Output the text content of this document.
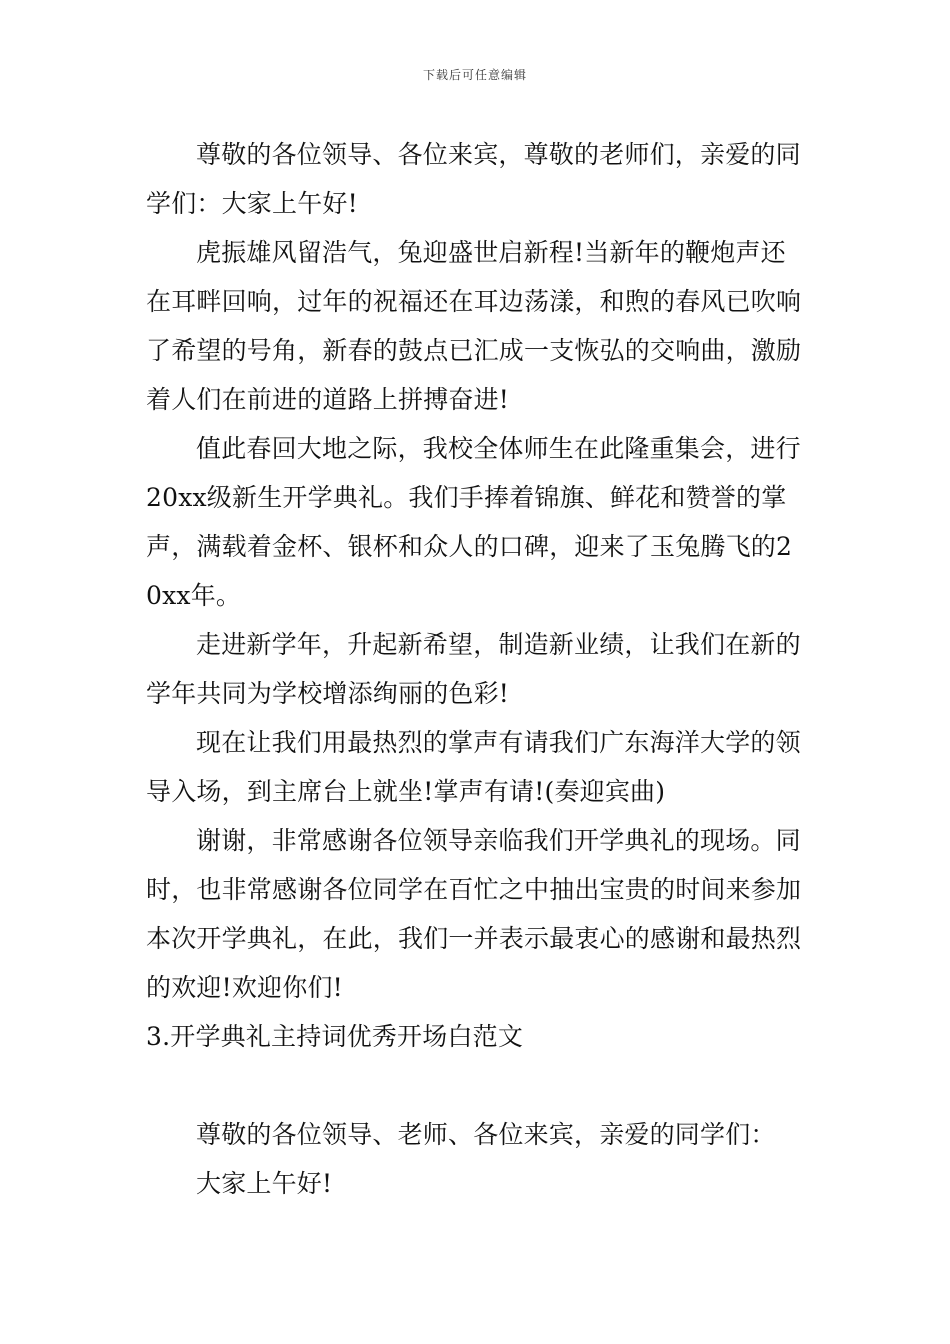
下载后可任意编辑

尊敬的各位领导、各位来宾，尊敬的老师们，亲爱的同学们：大家上午好!

虎振雄风留浩气，兔迎盛世启新程!当新年的鞭炮声还在耳畔回响，过年的祝福还在耳边荡漾，和煦的春风已吹响了希望的号角，新春的鼓点已汇成一支恢弘的交响曲，激励着人们在前进的道路上拼搏奋进!

值此春回大地之际，我校全体师生在此隆重集会，进行20xx级新生开学典礼。我们手捧着锦旗、鲜花和赞誉的掌声，满载着金杯、银杯和众人的口碑，迎来了玉兔腾飞的20xx年。

走进新学年，升起新希望，制造新业绩，让我们在新的学年共同为学校增添绚丽的色彩!

现在让我们用最热烈的掌声有请我们广东海洋大学的领导入场，到主席台上就坐!掌声有请!(奏迎宾曲)

谢谢，非常感谢各位领导亲临我们开学典礼的现场。同时，也非常感谢各位同学在百忙之中抽出宝贵的时间来参加本次开学典礼，在此，我们一并表示最衷心的感谢和最热烈的欢迎!欢迎你们!

3.开学典礼主持词优秀开场白范文

尊敬的各位领导、老师、各位来宾，亲爱的同学们：

大家上午好!
